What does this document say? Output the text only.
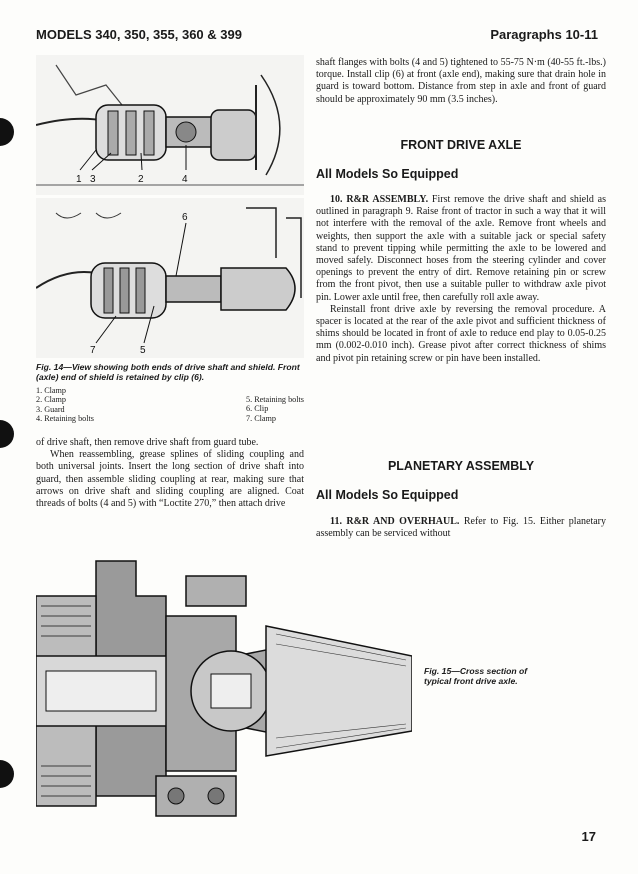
MODELS 340, 350, 355, 360 & 399	Paragraphs 10-11
1 3	2	4
6
7	5
Fig. 14—View showing both ends of drive shaft and shield. Front (axle) end of shield is retained by clip (6).
1. Clamp
2. Clamp
3. Guard
4. Retaining bolts
5. Retaining bolts
6. Clip
7. Clamp

of drive shaft, then remove drive shaft from guard tube.

When reassembling, grease splines of sliding coupling and both universal joints. Insert the long section of drive shaft into guard, then assemble sliding coupling at rear, making sure that arrows on drive shaft and sliding coupling are aligned. Coat threads of bolts (4 and 5) with “Loctite 270,” then attach drive

shaft flanges with bolts (4 and 5) tightened to 55-75 N·m (40-55 ft.-lbs.) torque. Install clip (6) at front (axle end), making sure that drain hole in guard is toward bottom. Distance from step in axle and front of guard should be approximately 90 mm (3.5 inches).

FRONT DRIVE AXLE
All Models So Equipped

10. R&R ASSEMBLY. First remove the drive shaft and shield as outlined in paragraph 9. Raise front of tractor in such a way that it will not interfere with the removal of the axle. Remove front wheels and weights, then support the axle with a suitable jack or special safety stand to prevent tipping while permitting the axle to be lowered and moved safely. Disconnect hoses from the steering cylinder and cover openings to prevent the entry of dirt. Remove retaining pin or screw from the front pivot, then use a suitable puller to withdraw axle pivot pin. Lower axle until free, then carefully roll axle away.

Reinstall front drive axle by reversing the removal procedure. A spacer is located at the rear of the axle pivot and sufficient thickness of shims should be located in front of axle to reduce end play to 0.05-0.25 mm (0.002-0.010 inch). Grease pivot after correct thickness of shims and pivot pin retaining screw or pin have been installed.

PLANETARY ASSEMBLY
All Models So Equipped

11. R&R AND OVERHAUL. Refer to Fig. 15. Either planetary assembly can be serviced without

Fig. 15—Cross section of typical front drive axle.
17
